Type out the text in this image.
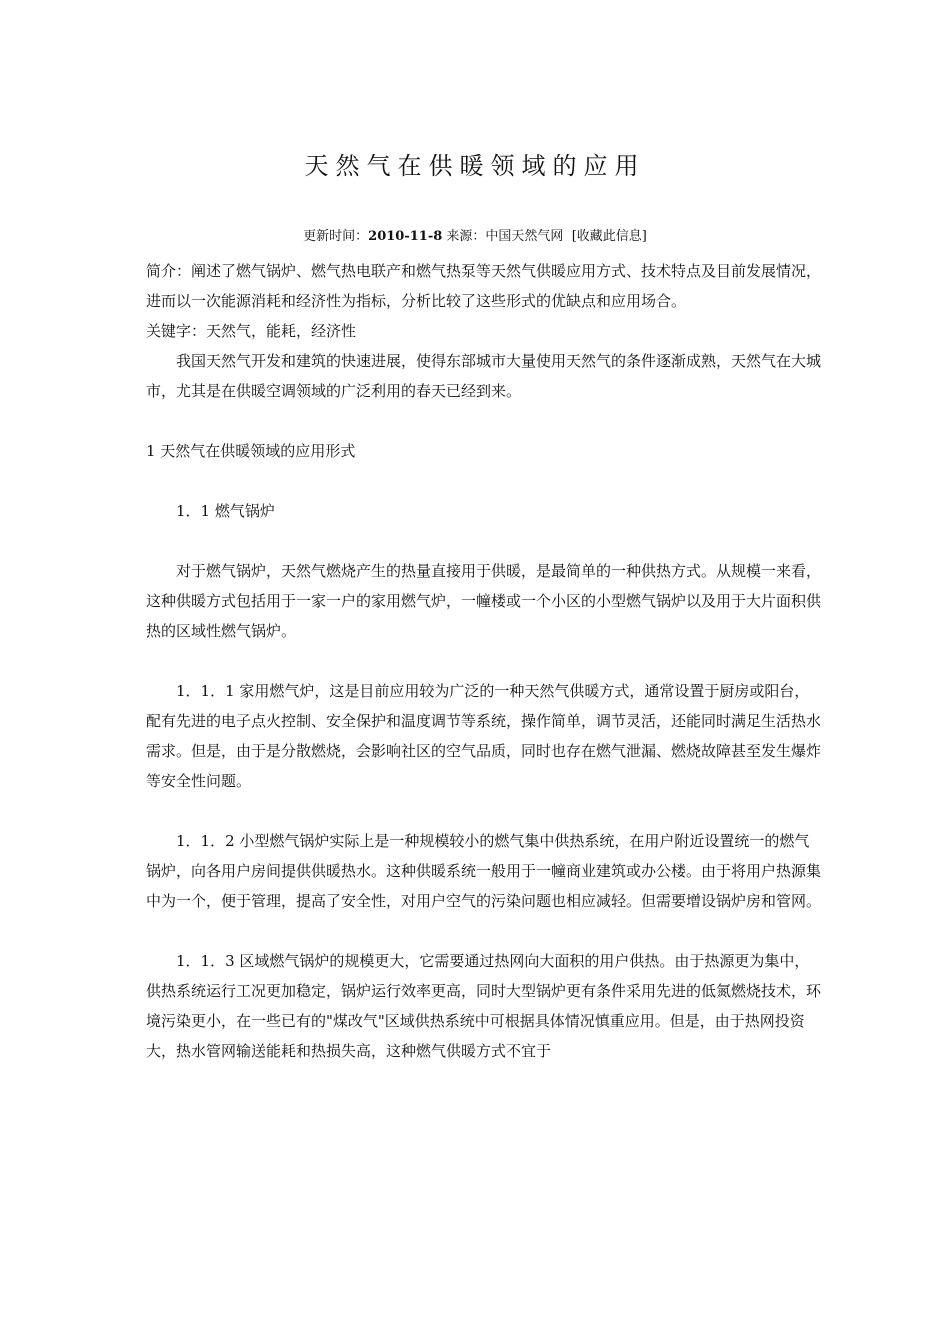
天然气在供暖领域的应用
更新时间：2010-11-8 来源：中国天然气网 [收藏此信息]

简介：阐述了燃气锅炉、燃气热电联产和燃气热泵等天然气供暖应用方式、技术特点及目前发展情况，进而以一次能源消耗和经济性为指标，分析比较了这些形式的优缺点和应用场合。

关键字：天然气，能耗，经济性

我国天然气开发和建筑的快速进展，使得东部城市大量使用天然气的条件逐渐成熟，天然气在大城市，尤其是在供暖空调领域的广泛利用的春天已经到来。

1 天然气在供暖领域的应用形式

1．1 燃气锅炉

对于燃气锅炉，天然气燃烧产生的热量直接用于供暖，是最简单的一种供热方式。从规模一来看，这种供暖方式包括用于一家一户的家用燃气炉，一幢楼或一个小区的小型燃气锅炉以及用于大片面积供热的区域性燃气锅炉。

1．1．1 家用燃气炉，这是目前应用较为广泛的一种天然气供暖方式，通常设置于厨房或阳台，配有先进的电子点火控制、安全保护和温度调节等系统，操作简单，调节灵活，还能同时满足生活热水需求。但是，由于是分散燃烧，会影响社区的空气品质，同时也存在燃气泄漏、燃烧故障甚至发生爆炸等安全性问题。

1．1．2 小型燃气锅炉实际上是一种规模较小的燃气集中供热系统，在用户附近设置统一的燃气锅炉，向各用户房间提供供暖热水。这种供暖系统一般用于一幢商业建筑或办公楼。由于将用户热源集中为一个，便于管理，提高了安全性，对用户空气的污染问题也相应减轻。但需要增设锅炉房和管网。

1．1．3 区域燃气锅炉的规模更大，它需要通过热网向大面积的用户供热。由于热源更为集中，供热系统运行工况更加稳定，锅炉运行效率更高，同时大型锅炉更有条件采用先进的低氮燃烧技术，环境污染更小，在一些已有的"煤改气"区域供热系统中可根据具体情况慎重应用。但是，由于热网投资大，热水管网输送能耗和热损失高，这种燃气供暖方式不宜于
